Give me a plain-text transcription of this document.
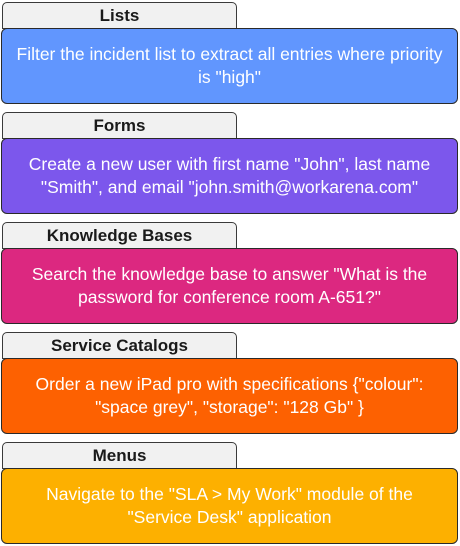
Lists
Filter the incident list to extract all entries where priority is "high"
Forms
Create a new user with first name "John", last name "Smith", and email "john.smith@workarena.com"
Knowledge Bases
Search the knowledge base to answer "What is the password for conference room A-651?"
Service Catalogs
Order a new iPad pro with specifications {"colour": "space grey", "storage": "128 Gb" }
Menus
Navigate to the "SLA > My Work" module of the "Service Desk" application
